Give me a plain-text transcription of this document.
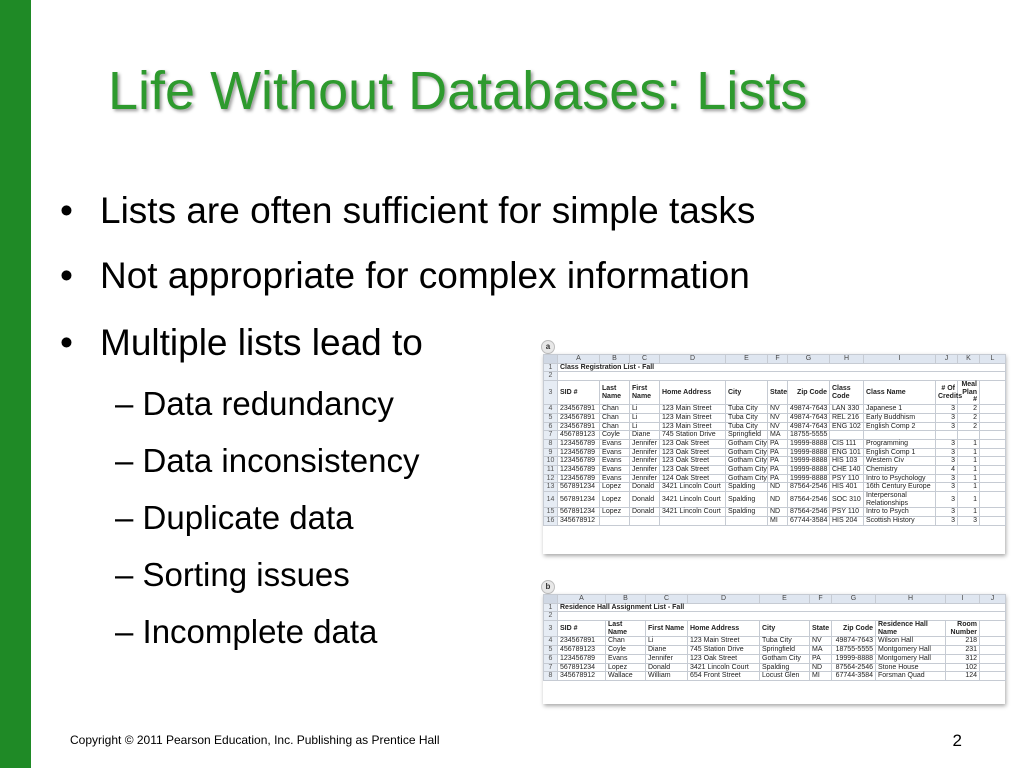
Life Without Databases: Lists
• Lists are often sufficient for simple tasks
• Not appropriate for complex information
• Multiple lists lead to
– Data redundancy
– Data inconsistency
– Duplicate data
– Sorting issues
– Incomplete data
a
	A	B	C	D	E	F	G	H	I	J	K	L
1	Class Registration List - Fall											
2												
3	SID #	Last Name	First Name	Home Address	City	State	Zip Code	Class Code	Class Name	# Of Credits	Meal Plan #	
4	234567891	Chan	Li	123 Main Street	Tuba City	NV	49874-7643	LAN 330	Japanese 1	3	2	
5	234567891	Chan	Li	123 Main Street	Tuba City	NV	49874-7643	REL 216	Early Buddhism	3	2	
6	234567891	Chan	Li	123 Main Street	Tuba City	NV	49874-7643	ENG 102	English Comp 2	3	2	
7	456789123	Coyle	Diane	745 Station Drive	Springfield	MA	18755-5555					
8	123456789	Evans	Jennifer	123 Oak Street	Gotham City	PA	19999-8888	CIS 111	Programming	3	1	
9	123456789	Evans	Jennifer	123 Oak Street	Gotham City	PA	19999-8888	ENG 101	English Comp 1	3	1	
10	123456789	Evans	Jennifer	123 Oak Street	Gotham City	PA	19999-8888	HIS 103	Western Civ	3	1	
11	123456789	Evans	Jennifer	123 Oak Street	Gotham City	PA	19999-8888	CHE 140	Chemistry	4	1	
12	123456789	Evans	Jennifer	124 Oak Street	Gotham City	PA	19999-8888	PSY 110	Intro to Psychology	3	1	
13	567891234	Lopez	Donald	3421 Lincoln Court	Spalding	ND	87564-2546	HIS 401	16th Century Europe	3	1	
14	567891234	Lopez	Donald	3421 Lincoln Court	Spalding	ND	87564-2546	SOC 310	Interpersonal Relationships	3	1	
15	567891234	Lopez	Donald	3421 Lincoln Court	Spalding	ND	87564-2546	PSY 110	Intro to Psych	3	1	
16	345678912					MI	67744-3584	HIS 204	Scottish History	3	3	
b
	A	B	C	D	E	F	G	H	I	J
1	Residence Hall Assignment List - Fall									
2										
3	SID #	Last Name	First Name	Home Address	City	State	Zip Code	Residence Hall Name	Room Number	
4	234567891	Chan	Li	123 Main Street	Tuba City	NV	49874-7643	Wilson Hall	218	
5	456789123	Coyle	Diane	745 Station Drive	Springfield	MA	18755-5555	Montgomery Hall	231	
6	123456789	Evans	Jennifer	123 Oak Street	Gotham City	PA	19999-8888	Montgomery Hall	312	
7	567891234	Lopez	Donald	3421 Lincoln Court	Spalding	ND	87564-2546	Stone House	102	
8	345678912	Wallace	William	654 Front Street	Locust Glen	MI	67744-3584	Forsman Quad	124	
Copyright © 2011 Pearson Education, Inc. Publishing as Prentice Hall	2
